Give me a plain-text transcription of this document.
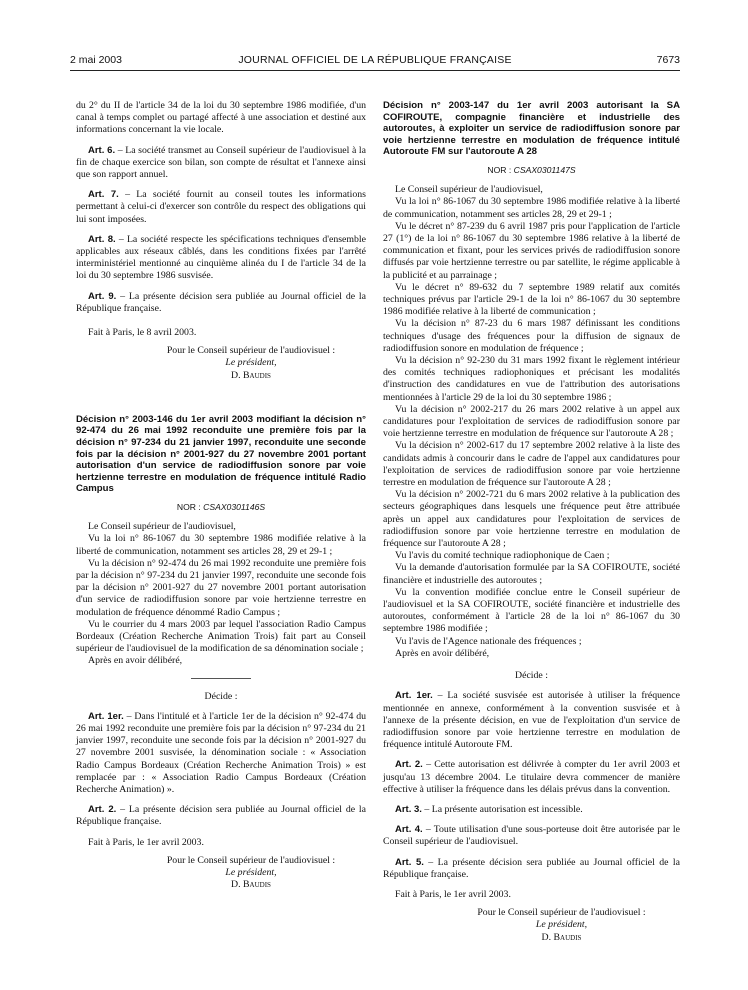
2 mai 2003	JOURNAL OFFICIEL DE LA RÉPUBLIQUE FRANÇAISE	7673

du 2° du II de l'article 34 de la loi du 30 septembre 1986 modifiée, d'un canal à temps complet ou partagé affecté à une association et destiné aux informations concernant la vie locale.

Art. 6. – La société transmet au Conseil supérieur de l'audiovisuel à la fin de chaque exercice son bilan, son compte de résultat et l'annexe ainsi que son rapport annuel.

Art. 7. – La société fournit au conseil toutes les informations permettant à celui-ci d'exercer son contrôle du respect des obligations qui lui sont imposées.

Art. 8. – La société respecte les spécifications techniques d'ensemble applicables aux réseaux câblés, dans les conditions fixées par l'arrêté interministériel mentionné au cinquième alinéa du I de l'article 34 de la loi du 30 septembre 1986 susvisée.

Art. 9. – La présente décision sera publiée au Journal officiel de la République française.

Fait à Paris, le 8 avril 2003.

Pour le Conseil supérieur de l'audiovisuel :

Le président,

D. Baudis

Décision n° 2003-146 du 1er avril 2003 modifiant la décision n° 92-474 du 26 mai 1992 reconduite une première fois par la décision n° 97-234 du 21 janvier 1997, reconduite une seconde fois par la décision n° 2001-927 du 27 novembre 2001 portant autorisation d'un service de radiodiffusion sonore par voie hertzienne terrestre en modulation de fréquence intitulé Radio Campus

NOR : CSAX0301146S

Le Conseil supérieur de l'audiovisuel,

Vu la loi n° 86-1067 du 30 septembre 1986 modifiée relative à la liberté de communication, notamment ses articles 28, 29 et 29-1 ;

Vu la décision n° 92-474 du 26 mai 1992 reconduite une première fois par la décision n° 97-234 du 21 janvier 1997, reconduite une seconde fois par la décision n° 2001-927 du 27 novembre 2001 portant autorisation d'un service de radiodiffusion sonore par voie hertzienne terrestre en modulation de fréquence dénommé Radio Campus ;

Vu le courrier du 4 mars 2003 par lequel l'association Radio Campus Bordeaux (Création Recherche Animation Trois) fait part au Conseil supérieur de l'audiovisuel de la modification de sa dénomination sociale ;

Après en avoir délibéré,

Décide :

Art. 1er. – Dans l'intitulé et à l'article 1er de la décision n° 92-474 du 26 mai 1992 reconduite une première fois par la décision n° 97-234 du 21 janvier 1997, reconduite une seconde fois par la décision n° 2001-927 du 27 novembre 2001 susvisée, la dénomination sociale : « Association Radio Campus Bordeaux (Création Recherche Animation Trois) » est remplacée par : « Association Radio Campus Bordeaux (Création Recherche Animation) ».

Art. 2. – La présente décision sera publiée au Journal officiel de la République française.

Fait à Paris, le 1er avril 2003.

Pour le Conseil supérieur de l'audiovisuel :

Le président,

D. Baudis

Décision n° 2003-147 du 1er avril 2003 autorisant la SA COFIROUTE, compagnie financière et industrielle des autoroutes, à exploiter un service de radiodiffusion sonore par voie hertzienne terrestre en modulation de fréquence intitulé Autoroute FM sur l'autoroute A 28

NOR : CSAX0301147S

Le Conseil supérieur de l'audiovisuel,

Vu la loi n° 86-1067 du 30 septembre 1986 modifiée relative à la liberté de communication, notamment ses articles 28, 29 et 29-1 ;

Vu le décret n° 87-239 du 6 avril 1987 pris pour l'application de l'article 27 (1°) de la loi n° 86-1067 du 30 septembre 1986 relative à la liberté de communication et fixant, pour les services privés de radiodiffusion sonore diffusés par voie hertzienne terrestre ou par satellite, le régime applicable à la publicité et au parrainage ;

Vu le décret n° 89-632 du 7 septembre 1989 relatif aux comités techniques prévus par l'article 29-1 de la loi n° 86-1067 du 30 septembre 1986 modifiée relative à la liberté de communication ;

Vu la décision n° 87-23 du 6 mars 1987 définissant les conditions techniques d'usage des fréquences pour la diffusion de signaux de radiodiffusion sonore en modulation de fréquence ;

Vu la décision n° 92-230 du 31 mars 1992 fixant le règlement intérieur des comités techniques radiophoniques et précisant les modalités d'instruction des candidatures en vue de l'attribution des autorisations mentionnées à l'article 29 de la loi du 30 septembre 1986 ;

Vu la décision n° 2002-217 du 26 mars 2002 relative à un appel aux candidatures pour l'exploitation de services de radiodiffusion sonore par voie hertzienne terrestre en modulation de fréquence sur l'autoroute A 28 ;

Vu la décision n° 2002-617 du 17 septembre 2002 relative à la liste des candidats admis à concourir dans le cadre de l'appel aux candidatures pour l'exploitation de services de radiodiffusion sonore par voie hertzienne terrestre en modulation de fréquence sur l'autoroute A 28 ;

Vu la décision n° 2002-721 du 6 mars 2002 relative à la publication des secteurs géographiques dans lesquels une fréquence peut être attribuée après un appel aux candidatures pour l'exploitation de services de radiodiffusion sonore par voie hertzienne terrestre en modulation de fréquence sur l'autoroute A 28 ;

Vu l'avis du comité technique radiophonique de Caen ;

Vu la demande d'autorisation formulée par la SA COFIROUTE, société financière et industrielle des autoroutes ;

Vu la convention modifiée conclue entre le Conseil supérieur de l'audiovisuel et la SA COFIROUTE, société financière et industrielle des autoroutes, conformément à l'article 28 de la loi n° 86-1067 du 30 septembre 1986 modifiée ;

Vu l'avis de l'Agence nationale des fréquences ;

Après en avoir délibéré,

Décide :

Art. 1er. – La société susvisée est autorisée à utiliser la fréquence mentionnée en annexe, conformément à la convention susvisée et à l'annexe de la présente décision, en vue de l'exploitation d'un service de radiodiffusion sonore par voie hertzienne terrestre en modulation de fréquence intitulé Autoroute FM.

Art. 2. – Cette autorisation est délivrée à compter du 1er avril 2003 et jusqu'au 13 décembre 2004. Le titulaire devra commencer de manière effective à utiliser la fréquence dans les délais prévus dans la convention.

Art. 3. – La présente autorisation est incessible.

Art. 4. – Toute utilisation d'une sous-porteuse doit être autorisée par le Conseil supérieur de l'audiovisuel.

Art. 5. – La présente décision sera publiée au Journal officiel de la République française.

Fait à Paris, le 1er avril 2003.

Pour le Conseil supérieur de l'audiovisuel :

Le président,

D. Baudis
